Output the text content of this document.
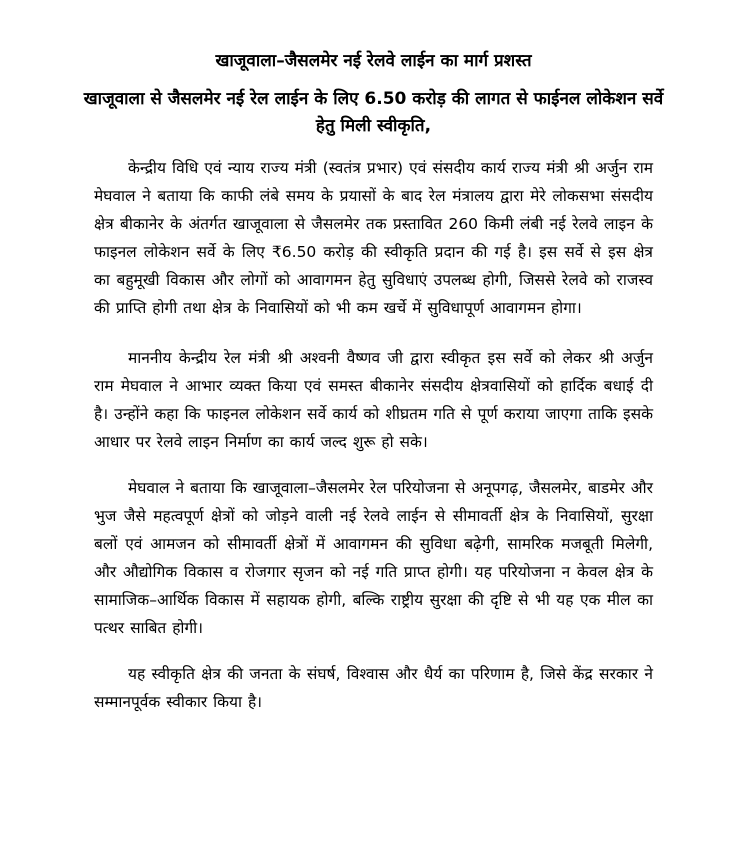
खाजूवाला–जैसलमेर नई रेलवे लाईन का मार्ग प्रशस्त
खाजूवाला से जैसलमेर नई रेल लाईन के लिए 6.50 करोड़ की लागत से फाईनल लोकेशन सर्वे हेतु मिली स्वीकृति,

केन्द्रीय विधि एवं न्याय राज्य मंत्री (स्वतंत्र प्रभार) एवं संसदीय कार्य राज्य मंत्री श्री अर्जुन राम मेघवाल ने बताया कि काफी लंबे समय के प्रयासों के बाद रेल मंत्रालय द्वारा मेरे लोकसभा संसदीय क्षेत्र बीकानेर के अंतर्गत खाजूवाला से जैसलमेर तक प्रस्तावित 260 किमी लंबी नई रेलवे लाइन के फाइनल लोकेशन सर्वे के लिए ₹6.50 करोड़ की स्वीकृति प्रदान की गई है। इस सर्वे से इस क्षेत्र का बहुमूखी विकास और लोगों को आवागमन हेतु सुविधाएं उपलब्ध होगी, जिससे रेलवे को राजस्व की प्राप्ति होगी तथा क्षेत्र के निवासियों को भी कम खर्चे में सुविधापूर्ण आवागमन होगा।

माननीय केन्द्रीय रेल मंत्री श्री अश्वनी वैष्णव जी द्वारा स्वीकृत इस सर्वे को लेकर श्री अर्जुन राम मेघवाल ने आभार व्यक्त किया एवं समस्त बीकानेर संसदीय क्षेत्रवासियों को हार्दिक बधाई दी है। उन्होंने कहा कि फाइनल लोकेशन सर्वे कार्य को शीघ्रतम गति से पूर्ण कराया जाएगा ताकि इसके आधार पर रेलवे लाइन निर्माण का कार्य जल्द शुरू हो सके।

मेघवाल ने बताया कि खाजूवाला–जैसलमेर रेल परियोजना से अनूपगढ़, जैसलमेर, बाडमेर और भुज जैसे महत्वपूर्ण क्षेत्रों को जोड़ने वाली नई रेलवे लाईन से सीमावर्ती क्षेत्र के निवासियों, सुरक्षा बलों एवं आमजन को सीमावर्ती क्षेत्रों में आवागमन की सुविधा बढ़ेगी, सामरिक मजबूती मिलेगी, और औद्योगिक विकास व रोजगार सृजन को नई गति प्राप्त होगी। यह परियोजना न केवल क्षेत्र के सामाजिक–आर्थिक विकास में सहायक होगी, बल्कि राष्ट्रीय सुरक्षा की दृष्टि से भी यह एक मील का पत्थर साबित होगी।

यह स्वीकृति क्षेत्र की जनता के संघर्ष, विश्वास और धैर्य का परिणाम है, जिसे केंद्र सरकार ने सम्मानपूर्वक स्वीकार किया है।
